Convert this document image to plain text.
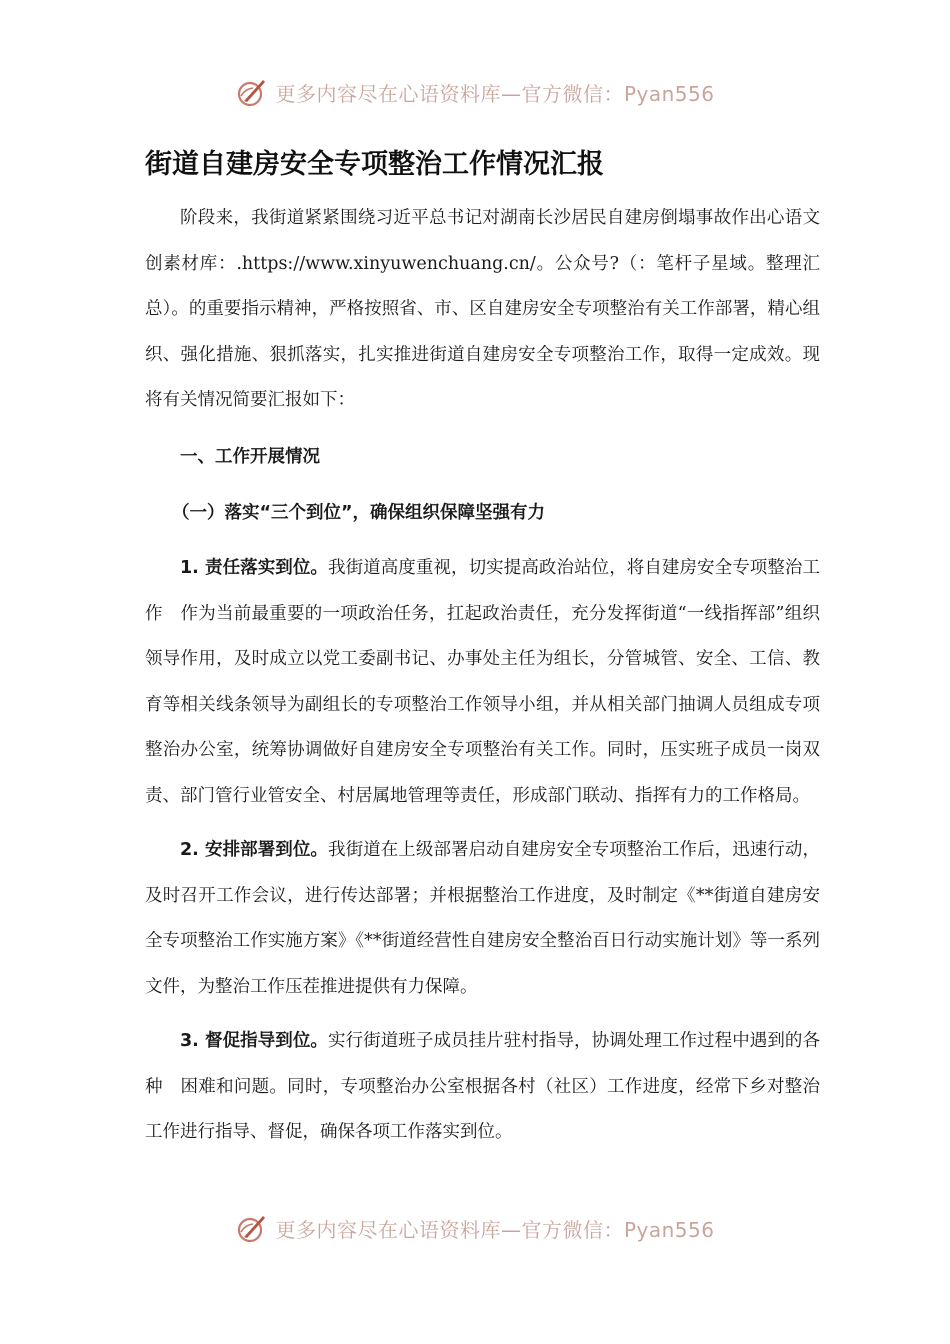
更多内容尽在心语资料库—官方微信：Pyan556
街道自建房安全专项整治工作情况汇报

阶段来，我街道紧紧围绕习近平总书记对湖南长沙居民自建房倒塌事故作出心语文创素材库：.https://www.xinyuwenchuang.cn/。公众号?（：笔杆子星域。整理汇总）。的重要指示精神，严格按照省、市、区自建房安全专项整治有关工作部署，精心组织、强化措施、狠抓落实，扎实推进街道自建房安全专项整治工作，取得一定成效。现将有关情况简要汇报如下：

一、工作开展情况
（一）落实“三个到位”，确保组织保障坚强有力

1. 责任落实到位。我街道高度重视，切实提高政治站位，将自建房安全专项整治工作　作为当前最重要的一项政治任务，扛起政治责任，充分发挥街道“一线指挥部”组织领导作用，及时成立以党工委副书记、办事处主任为组长，分管城管、安全、工信、教育等相关线条领导为副组长的专项整治工作领导小组，并从相关部门抽调人员组成专项整治办公室，统筹协调做好自建房安全专项整治有关工作。同时，压实班子成员一岗双责、部门管行业管安全、村居属地管理等责任，形成部门联动、指挥有力的工作格局。

2. 安排部署到位。我街道在上级部署启动自建房安全专项整治工作后，迅速行动，及时召开工作会议，进行传达部署；并根据整治工作进度，及时制定《**街道自建房安全专项整治工作实施方案》《**街道经营性自建房安全整治百日行动实施计划》等一系列文件，为整治工作压茬推进提供有力保障。

3. 督促指导到位。实行街道班子成员挂片驻村指导，协调处理工作过程中遇到的各种　困难和问题。同时，专项整治办公室根据各村（社区）工作进度，经常下乡对整治工作进行指导、督促，确保各项工作落实到位。

更多内容尽在心语资料库—官方微信：Pyan556
